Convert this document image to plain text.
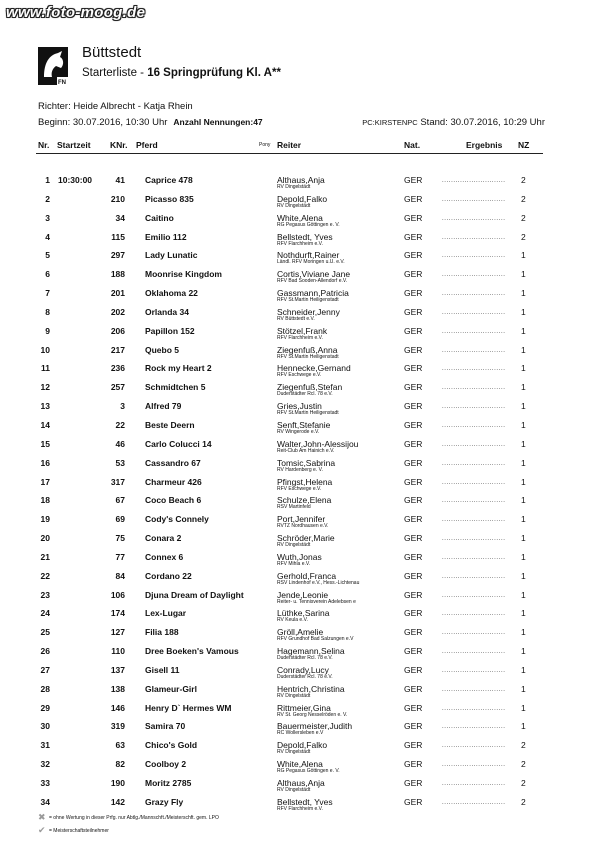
www.foto-moog.de
FN
Büttstedt
Starterliste - 16 Springprüfung Kl. A**
Richter: Heide Albrecht - Katja Rhein
Beginn: 30.07.2016, 10:30 Uhr Anzahl Nennungen:47	PC:KIRSTENPC Stand: 30.07.2016, 10:29 Uhr
Nr. Startzeit KNr. Pferd	Pony Reiter	Nat.	Ergebnis NZ
1 10:30:00	41 Caprice 478	Althaus,Anja
RV Dingelstädt
GER	2
............................
2	210 Picasso 835	Depold,Falko
RV Dingelstädt
GER	2
............................
3	34 Caitino	White,Alena
RG Pegasus Göttingen e. V.
GER	2
............................
4	115 Emilio 112	Bellstedt, Yves
RFV Flarchheim e.V.
GER	2
............................
5	297 Lady Lunatic	Nothdurft,Rainer
Ländl. RFV Moringen u.U. e.V.
GER	1
............................
6	188 Moonrise Kingdom	Cortis,Viviane Jane
RFV Bad Sooden-Allendorf e.V.
GER	1
............................
7	201 Oklahoma 22	Gassmann,Patricia
RFV St.Martin Heiligenstadt
GER	1
............................
8	202 Orlanda 34	Schneider,Jenny
RV Büttstedt e.V.
GER	1
............................
9	206 Papillon 152	Stötzel,Frank
RFV Flarchheim e.V.
GER	1
............................
10	217 Quebo 5	Ziegenfuß,Anna
RFV St.Martin Heiligenstadt
GER	1
............................
11	236 Rock my Heart 2	Hennecke,Gernand
RFV Eschwege e.V.
GER	1
............................
12	257 Schmidtchen 5	Ziegenfuß,Stefan
Duderstädter Rcl. 78 e.V.
GER	1
............................
13	3 Alfred 79	Gries,Justin
RFV St.Martin Heiligenstadt
GER	1
............................
14	22 Beste Deern	Senft,Stefanie
RV Wingerode e.V.
GER	1
............................
15	46 Carlo Colucci 14	Walter,John-Alessijou
Reit-Club Am Hainich e.V.
GER	1
............................
16	53 Cassandro 67	Tomsic,Sabrina
RV Hardenberg e. V.
GER	1
............................
17	317 Charmeur 426	Pfingst,Helena
RFV Eschwege e.V.
GER	1
............................
18	67 Coco Beach 6	Schulze,Elena
RSV Martinfeld
GER	1
............................
19	69 Cody's Connely	Port,Jennifer
RVTZ Nordhausen e.V.
GER	1
............................
20	75 Conara 2	Schröder,Marie
RV Dingelstädt
GER	1
............................
21	77 Connex 6	Wuth,Jonas
RFV Mihla e.V.
GER	1
............................
22	84 Cordano 22	Gerhold,Franca
RSV Lindenhof e.V., Hess.-Lichtenau
GER	1
............................
23	106 Djuna Dream of Daylight	Jende,Leonie
Reiter- u. Tennisverein Adelebsen e
GER	1
............................
24	174 Lex-Lugar	Lüthke,Sarina
RV Keula e.V.
GER	1
............................
25	127 Filia 188	Gröll,Amelie
RFV Grundhof Bad Salzungen e.V
GER	1
............................
26	110 Dree Boeken's Vamous	Hagemann,Selina
Duderstädter Rcl. 78 e.V.
GER	1
............................
27	137 Gisell 11	Conrady,Lucy
Duderstädter Rcl. 78 e.V.
GER	1
............................
28	138 Glameur-Girl	Hentrich,Christina
RV Dingelstädt
GER	1
............................
29	146 Henry D` Hermes WM	Rittmeier,Gina
RV St. Georg Nesselröden e. V.
GER	1
............................
30	319 Samira 70	Bauermeister,Judith
RC Wollersleben e.V
GER	1
............................
31	63 Chico's Gold	Depold,Falko
RV Dingelstädt
GER	2
............................
32	82 Coolboy 2	White,Alena
RG Pegasus Göttingen e. V.
GER	2
............................
33	190 Moritz 2785	Althaus,Anja
RV Dingelstädt
GER	2
............................
34	142 Grazy Fly	Bellstedt, Yves
RFV Flarchheim e.V.
GER	2
............................
✖ = ohne Wertung in dieser Prfg. nur Abtlg./Mannschft./Meisterschft. gem. LPO
✔ = Meisterschaftsteilnehmer
